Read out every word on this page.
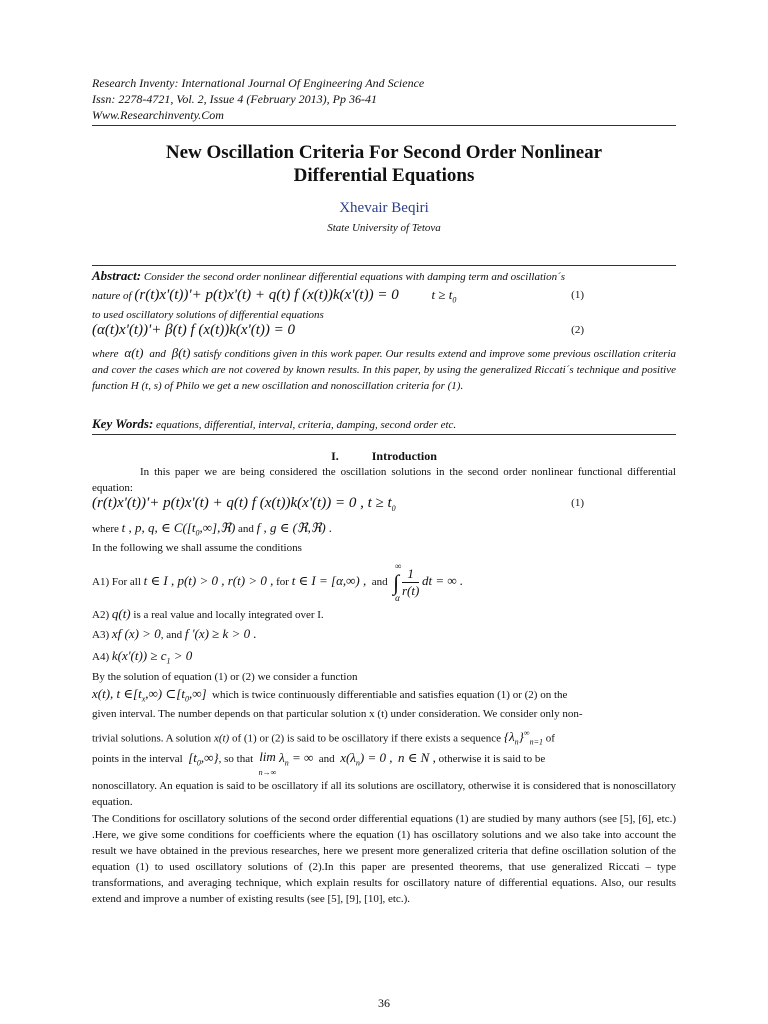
Research Inventy: International Journal Of Engineering And Science
Issn: 2278-4721, Vol. 2, Issue 4 (February 2013), Pp 36-41
Www.Researchinventy.Com
New Oscillation Criteria For Second Order Nonlinear
Differential Equations
Xhevair Beqiri
State University of Tetova
Abstract: Consider the second order nonlinear differential equations with damping term and oscillation´s
nature of (r(t)x'(t))'+ p(t)x'(t) + q(t) f (x(t))k(x'(t)) = 0	$t \ge t_0$	(1)
to used oscillatory solutions of differential equations
(α(t)x'(t))'+ β(t) f (x(t))k(x'(t)) = 0	(2)
where α(t) and β(t) satisfy conditions given in this work paper. Our results extend and improve some previous oscillation criteria and cover the cases which are not covered by known results. In this paper, by using the generalized Riccati´s technique and positive function H (t, s) of Philo we get a new oscillation and nonoscillation criteria for (1).
Key Words: equations, differential, interval, criteria, damping, second order etc.
I.	Introduction
In this paper we are being considered the oscillation solutions in the second order nonlinear functional differential equation:
(r(t)x'(t))'+ p(t)x'(t) + q(t) f (x(t))k(x'(t)) = 0 , $t \ge t_0$	(1)
where t , p, q, ∈ $C([t_0,\infty],ℜ)$ and f , g ∈ (ℜ,ℜ) .
In the following we shall assume the conditions
A1) For all t ∈ I , p(t) > 0 , r(t) > 0 , for t ∈ I = [α,∞) , and ∫
∞
α
$\frac{1}{r(t)}$ dt = ∞ .
A2) q(t) is a real value and locally integrated over I.
A3) xf (x) > 0, and f '(x) ≥ k > 0 .
A4) $k(x'(t)) \ge c_1 > 0$
By the solution of equation (1) or (2) we consider a function
x(t), t $\in[t_x,\infty)$ $\subset[t_0,\infty]$ which is twice continuously differentiable and satisfies equation (1) or (2) on the
given interval. The number depends on that particular solution x (t) under consideration. We consider only non-
trivial solutions. A solution x(t) of (1) or (2) is said to be oscillatory if there exists a sequence $\{\lambda_n\}^\infty_{n=1}$ of
points in the interval $[t_0,\infty\}$, so that lim
n→∞ $\lambda_n$ = ∞ and $x(\lambda_n) = 0$ , n ∈ N , otherwise it is said to be
nonoscillatory. An equation is said to be oscillatory if all its solutions are oscillatory, otherwise it is considered that is nonoscillatory equation.
The Conditions for oscillatory solutions of the second order differential equations (1) are studied by many authors (see [5], [6], etc.) .Here, we give some conditions for coefficients where the equation (1) has oscillatory solutions and we also take into account the result we have obtained in the previous researches, here we present more generalized criteria that define oscillation solution of the equation (1) to used oscillatory solutions of (2).In this paper are presented theorems, that use generalized Riccati – type transformations, and averaging technique, which explain results for oscillatory nature of differential equations. Also, our results extend and improve a number of existing results (see [5], [9], [10], etc.).
36
